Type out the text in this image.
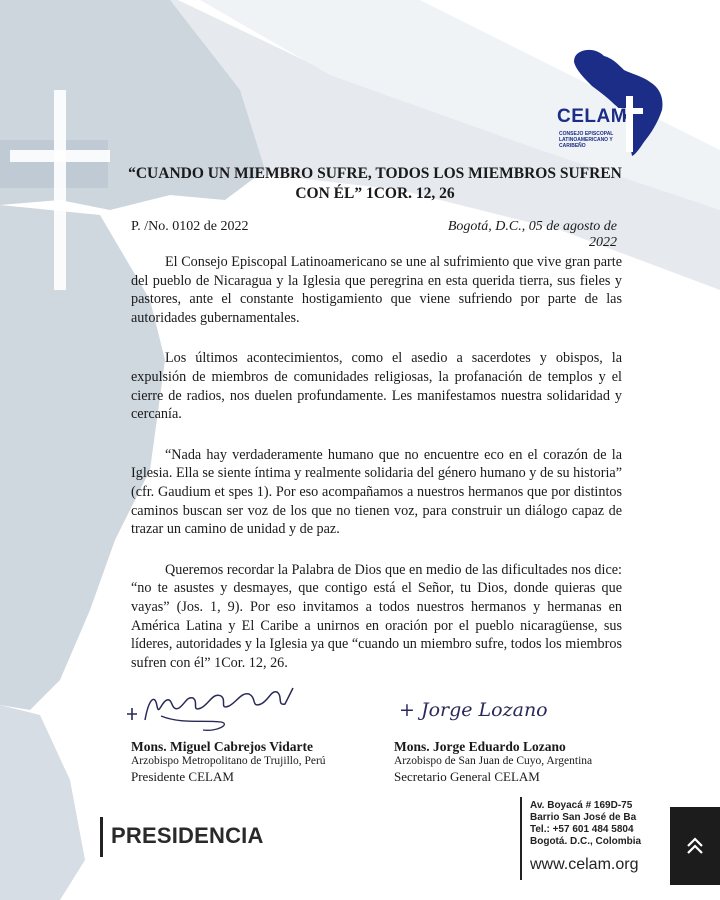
CELAM
CONSEJO EPISCOPAL LATINOAMERICANO Y CARIBEÑO
“CUANDO UN MIEMBRO SUFRE, TODOS LOS MIEMBROS SUFREN CON ÉL” 1COR. 12, 26
P. /No. 0102 de 2022	Bogotá, D.C., 05 de agosto de 2022

El Consejo Episcopal Latinoamericano se une al sufrimiento que vive gran parte del pueblo de Nicaragua y la Iglesia que peregrina en esta querida tierra, sus fieles y pastores, ante el constante hostigamiento que viene sufriendo por parte de las autoridades gubernamentales.

Los últimos acontecimientos, como el asedio a sacerdotes y obispos, la expulsión de miembros de comunidades religiosas, la profanación de templos y el cierre de radios, nos duelen profundamente. Les manifestamos nuestra solidaridad y cercanía.

“Nada hay verdaderamente humano que no encuentre eco en el corazón de la Iglesia. Ella se siente íntima y realmente solidaria del género humano y de su historia” (cfr. Gaudium et spes 1). Por eso acompañamos a nuestros hermanos que por distintos caminos buscan ser voz de los que no tienen voz, para construir un diálogo capaz de trazar un camino de unidad y de paz.

Queremos recordar la Palabra de Dios que en medio de las dificultades nos dice: “no te asustes y desmayes, que contigo está el Señor, tu Dios, donde quieras que vayas” (Jos. 1, 9). Por eso invitamos a todos nuestros hermanos y hermanas en América Latina y El Caribe a unirnos en oración por el pueblo nicaragüense, sus líderes, autoridades y la Iglesia ya que “cuando un miembro sufre, todos los miembros sufren con él” 1Cor. 12, 26.

+ Jorge Lozano
Mons. Miguel Cabrejos Vidarte
Arzobispo Metropolitano de Trujillo, Perú
Presidente CELAM
Mons. Jorge Eduardo Lozano
Arzobispo de San Juan de Cuyo, Argentina
Secretario General CELAM
PRESIDENCIA
Av. Boyacá # 169D-75
Barrio San José de Ba
Tel.: +57 601 484 5804
Bogotá. D.C., Colombia
www.celam.org
